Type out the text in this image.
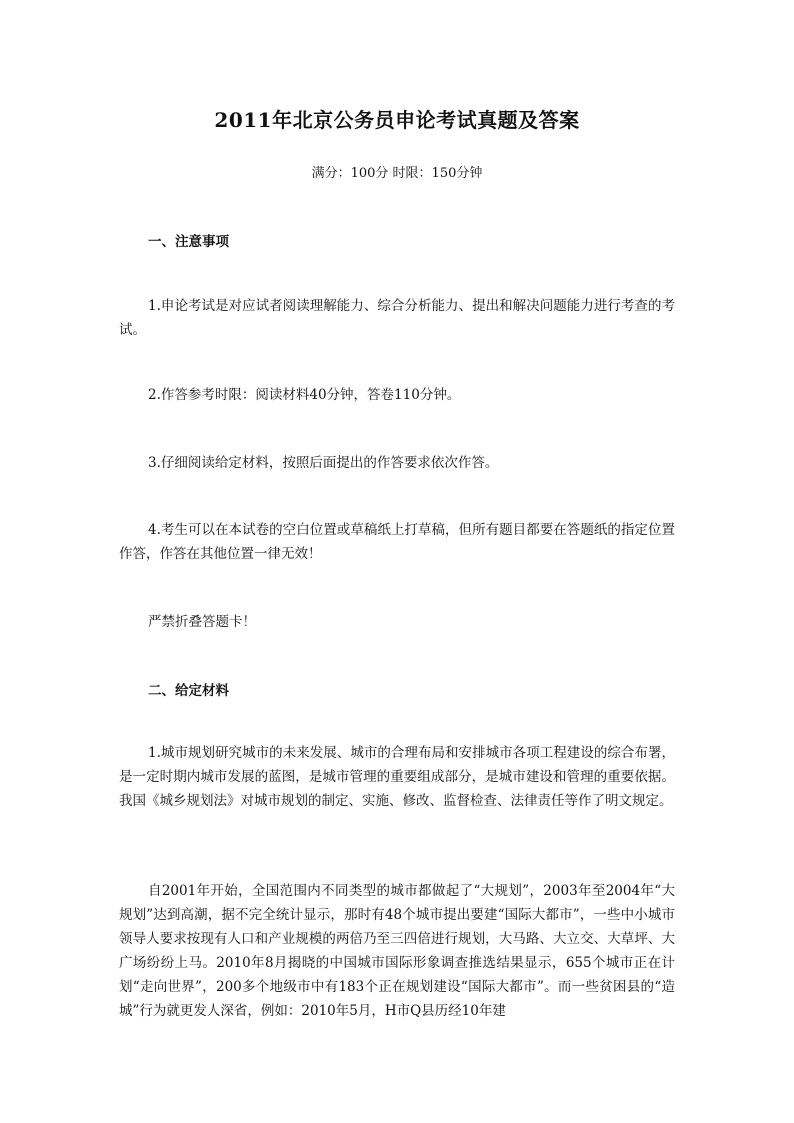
2011年北京公务员申论考试真题及答案
满分：100分 时限：150分钟
一、注意事项

1.申论考试是对应试者阅读理解能力、综合分析能力、提出和解决问题能力进行考查的考试。

2.作答参考时限：阅读材料40分钟，答卷110分钟。

3.仔细阅读给定材料，按照后面提出的作答要求依次作答。

4.考生可以在本试卷的空白位置或草稿纸上打草稿，但所有题目都要在答题纸的指定位置作答，作答在其他位置一律无效！

严禁折叠答题卡！
二、给定材料

1.城市规划研究城市的未来发展、城市的合理布局和安排城市各项工程建设的综合布署，是一定时期内城市发展的蓝图，是城市管理的重要组成部分，是城市建设和管理的重要依据。我国《城乡规划法》对城市规划的制定、实施、修改、监督检查、法律责任等作了明文规定。

自2001年开始，全国范围内不同类型的城市都做起了“大规划”，2003年至2004年“大规划”达到高潮，据不完全统计显示，那时有48个城市提出要建“国际大都市”，一些中小城市领导人要求按现有人口和产业规模的两倍乃至三四倍进行规划，大马路、大立交、大草坪、大广场纷纷上马。2010年8月揭晓的中国城市国际形象调查推选结果显示，655个城市正在计划“走向世界”，200多个地级市中有183个正在规划建设“国际大都市”。而一些贫困县的“造城”行为就更发人深省，例如：2010年5月，H市Q县历经10年建
